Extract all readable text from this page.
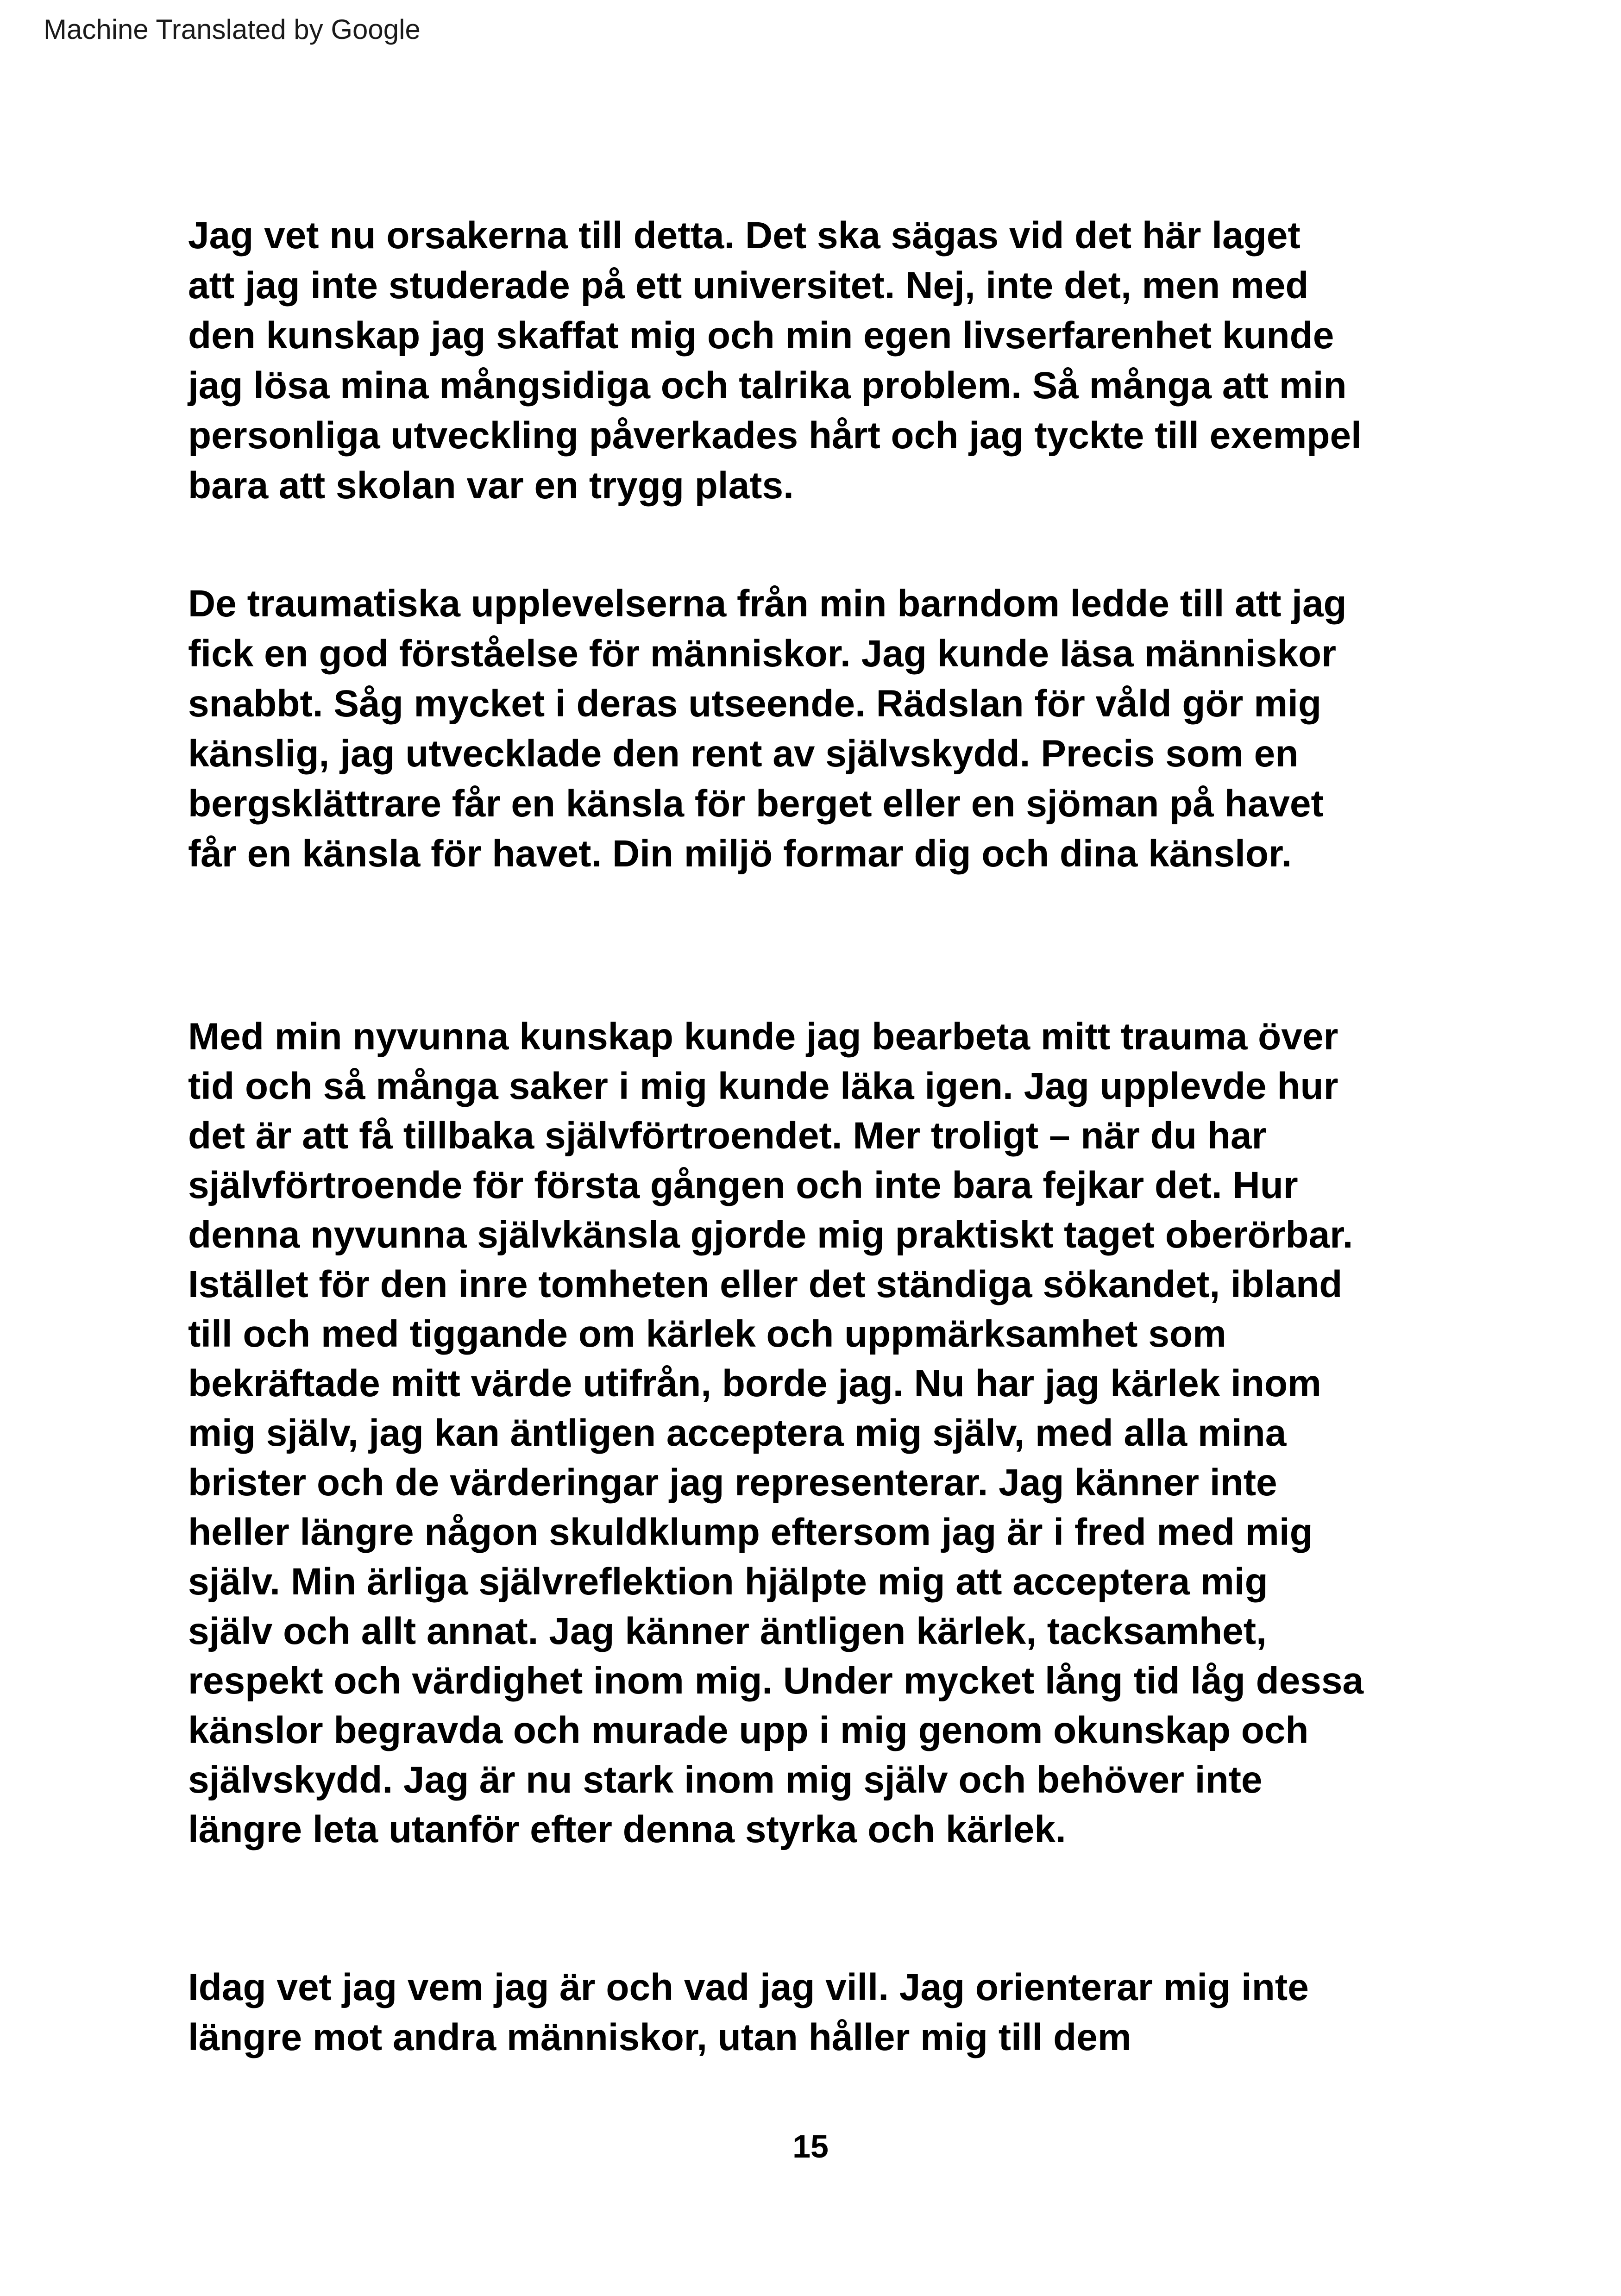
Machine Translated by Google
Jag vet nu orsakerna till detta. Det ska sägas vid det här laget
att jag inte studerade på ett universitet. Nej, inte det, men med
den kunskap jag skaffat mig och min egen livserfarenhet kunde
jag lösa mina mångsidiga och talrika problem. Så många att min
personliga utveckling påverkades hårt och jag tyckte till exempel
bara att skolan var en trygg plats.
De traumatiska upplevelserna från min barndom ledde till att jag
fick en god förståelse för människor. Jag kunde läsa människor
snabbt. Såg mycket i deras utseende. Rädslan för våld gör mig
känslig, jag utvecklade den rent av självskydd. Precis som en
bergsklättrare får en känsla för berget eller en sjöman på havet
får en känsla för havet. Din miljö formar dig och dina känslor.
Med min nyvunna kunskap kunde jag bearbeta mitt trauma över
tid och så många saker i mig kunde läka igen. Jag upplevde hur
det är att få tillbaka självförtroendet. Mer troligt – när du har
självförtroende för första gången och inte bara fejkar det. Hur
denna nyvunna självkänsla gjorde mig praktiskt taget oberörbar.
Istället för den inre tomheten eller det ständiga sökandet, ibland
till och med tiggande om kärlek och uppmärksamhet som
bekräftade mitt värde utifrån, borde jag. Nu har jag kärlek inom
mig själv, jag kan äntligen acceptera mig själv, med alla mina
brister och de värderingar jag representerar. Jag känner inte
heller längre någon skuldklump eftersom jag är i fred med mig
själv. Min ärliga självreflektion hjälpte mig att acceptera mig
själv och allt annat. Jag känner äntligen kärlek, tacksamhet,
respekt och värdighet inom mig. Under mycket lång tid låg dessa
känslor begravda och murade upp i mig genom okunskap och
självskydd. Jag är nu stark inom mig själv och behöver inte
längre leta utanför efter denna styrka och kärlek.
Idag vet jag vem jag är och vad jag vill. Jag orienterar mig inte
längre mot andra människor, utan håller mig till dem
15
